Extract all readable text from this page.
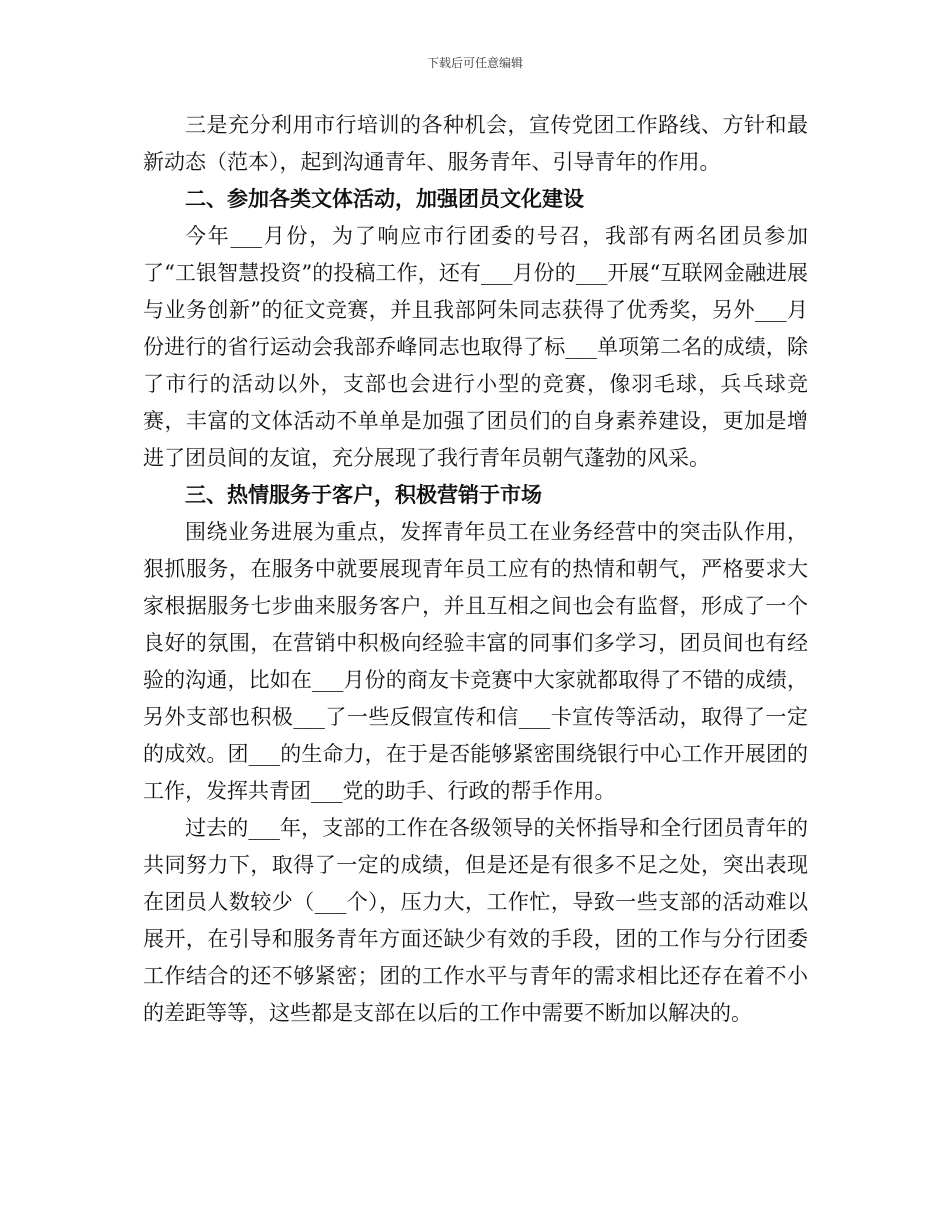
下载后可任意编辑

三是充分利用市行培训的各种机会，宣传党团工作路线、方针和最新动态（范本），起到沟通青年、服务青年、引导青年的作用。

二、参加各类文体活动，加强团员文化建设

今年___月份，为了响应市行团委的号召，我部有两名团员参加了“工银智慧投资”的投稿工作，还有___月份的___开展“互联网金融进展与业务创新”的征文竞赛，并且我部阿朱同志获得了优秀奖，另外___月份进行的省行运动会我部乔峰同志也取得了标___单项第二名的成绩，除了市行的活动以外，支部也会进行小型的竞赛，像羽毛球，兵乓球竞赛，丰富的文体活动不单单是加强了团员们的自身素养建设，更加是增进了团员间的友谊，充分展现了我行青年员朝气蓬勃的风采。

三、热情服务于客户，积极营销于市场

围绕业务进展为重点，发挥青年员工在业务经营中的突击队作用，狠抓服务，在服务中就要展现青年员工应有的热情和朝气，严格要求大家根据服务七步曲来服务客户，并且互相之间也会有监督，形成了一个良好的氛围，在营销中积极向经验丰富的同事们多学习，团员间也有经验的沟通，比如在___月份的商友卡竞赛中大家就都取得了不错的成绩，另外支部也积极___了一些反假宣传和信___卡宣传等活动，取得了一定的成效。团___的生命力，在于是否能够紧密围绕银行中心工作开展团的工作，发挥共青团___党的助手、行政的帮手作用。

过去的___年，支部的工作在各级领导的关怀指导和全行团员青年的共同努力下，取得了一定的成绩，但是还是有很多不足之处，突出表现在团员人数较少（___个），压力大，工作忙，导致一些支部的活动难以展开，在引导和服务青年方面还缺少有效的手段，团的工作与分行团委工作结合的还不够紧密；团的工作水平与青年的需求相比还存在着不小的差距等等，这些都是支部在以后的工作中需要不断加以解决的。
